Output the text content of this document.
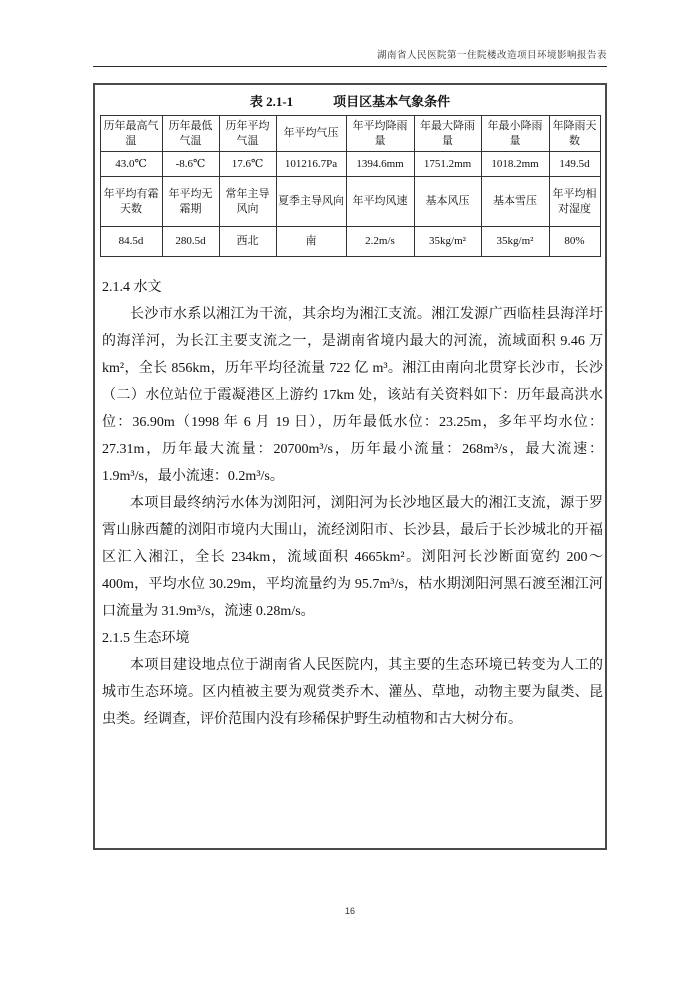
湖南省人民医院第一住院楼改造项目环境影响报告表
表 2.1-1	项目区基本气象条件
历年最高气温	历年最低气温	历年平均气温	年平均气压	年平均降雨量	年最大降雨量	年最小降雨量	年降雨天数
43.0℃	-8.6℃	17.6℃	101216.7Pa	1394.6mm	1751.2mm	1018.2mm	149.5d
年平均有霜天数	年平均无霜期	常年主导风向	夏季主导风向	年平均风速	基本风压	基本雪压	年平均相对湿度
84.5d	280.5d	西北	南	2.2m/s	35kg/m²	35kg/m²	80%
2.1.4 水文

长沙市水系以湘江为干流，其余均为湘江支流。湘江发源广西临桂县海洋圩的海洋河，为长江主要支流之一，是湖南省境内最大的河流，流域面积 9.46 万 km²，全长 856km，历年平均径流量 722 亿 m³。湘江由南向北贯穿长沙市，长沙（二）水位站位于霞凝港区上游约 17km 处，该站有关资料如下：历年最高洪水位：36.90m（1998 年 6 月 19 日），历年最低水位：23.25m，多年平均水位：27.31m，历年最大流量：20700m³/s，历年最小流量：268m³/s，最大流速：1.9m³/s，最小流速：0.2m³/s。

本项目最终纳污水体为浏阳河，浏阳河为长沙地区最大的湘江支流，源于罗霄山脉西麓的浏阳市境内大围山，流经浏阳市、长沙县，最后于长沙城北的开福区汇入湘江，全长 234km，流域面积 4665km²。浏阳河长沙断面宽约 200～400m，平均水位 30.29m，平均流量约为 95.7m³/s，枯水期浏阳河黑石渡至湘江河口流量为 31.9m³/s，流速 0.28m/s。

2.1.5 生态环境

本项目建设地点位于湖南省人民医院内，其主要的生态环境已转变为人工的城市生态环境。区内植被主要为观赏类乔木、灌丛、草地，动物主要为鼠类、昆虫类。经调查，评价范围内没有珍稀保护野生动植物和古大树分布。

16
